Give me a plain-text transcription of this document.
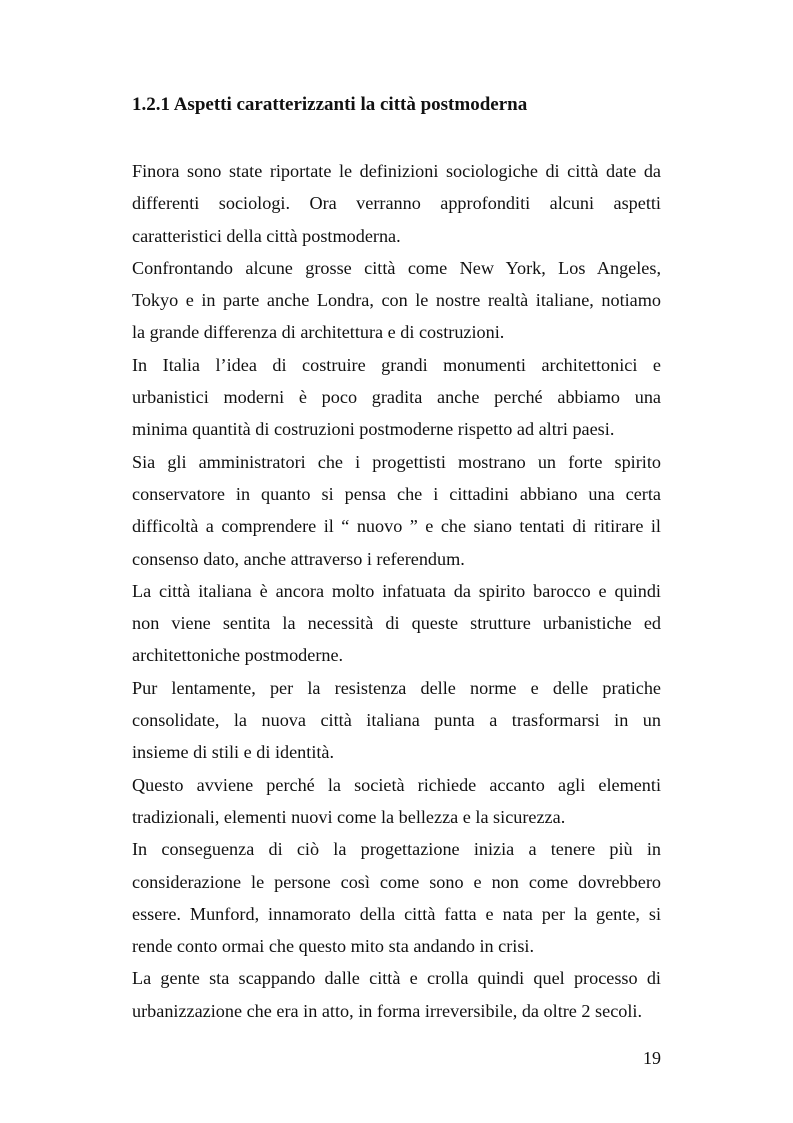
1.2.1 Aspetti caratterizzanti la città postmoderna
Finora sono state riportate le definizioni sociologiche di città date da
differenti sociologi. Ora verranno approfonditi alcuni aspetti
caratteristici della città postmoderna.
Confrontando alcune grosse città come New York, Los Angeles,
Tokyo e in parte anche Londra, con le nostre realtà italiane, notiamo
la grande differenza di architettura e di costruzioni.
In Italia l’idea di costruire grandi monumenti architettonici e
urbanistici moderni è poco gradita anche perché abbiamo una
minima quantità di costruzioni postmoderne rispetto ad altri paesi.
Sia gli amministratori che i progettisti mostrano un forte spirito
conservatore in quanto si pensa che i cittadini abbiano una certa
difficoltà a comprendere il “ nuovo ” e che siano tentati di ritirare il
consenso dato, anche attraverso i referendum.
La città italiana è ancora molto infatuata da spirito barocco e quindi
non viene sentita la necessità di queste strutture urbanistiche ed
architettoniche postmoderne.
Pur lentamente, per la resistenza delle norme e delle pratiche
consolidate, la nuova città italiana punta a trasformarsi in un
insieme di stili e di identità.
Questo avviene perché la società richiede accanto agli elementi
tradizionali, elementi nuovi come la bellezza e la sicurezza.
In conseguenza di ciò la progettazione inizia a tenere più in
considerazione le persone così come sono e non come dovrebbero
essere. Munford, innamorato della città fatta e nata per la gente, si
rende conto ormai che questo mito sta andando in crisi.
La gente sta scappando dalle città e crolla quindi quel processo di
urbanizzazione che era in atto, in forma irreversibile, da oltre 2 secoli.
19
